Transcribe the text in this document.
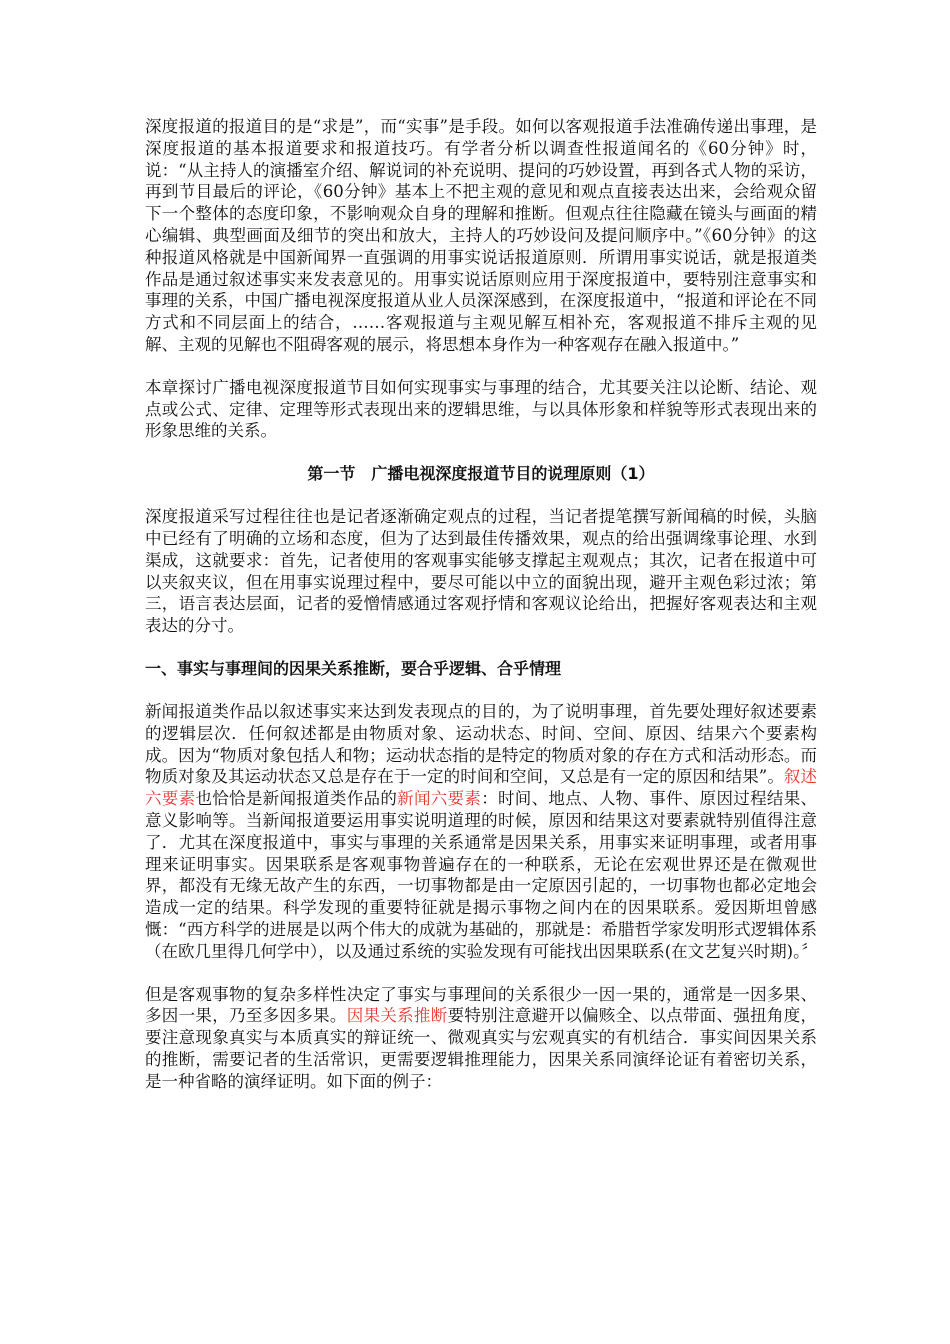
深度报道的报道目的是“求是”，而“实事”是手段。如何以客观报道手法准确传递出事理，是深度报道的基本报道要求和报道技巧。有学者分析以调查性报道闻名的《60分钟》时，说：“从主持人的演播室介绍、解说词的补充说明、提问的巧妙设置，再到各式人物的采访，再到节目最后的评论，《60分钟》基本上不把主观的意见和观点直接表达出来，会给观众留下一个整体的态度印象，不影响观众自身的理解和推断。但观点往往隐藏在镜头与画面的精心编辑、典型画面及细节的突出和放大，主持人的巧妙设问及提问顺序中。”《60分钟》的这种报道风格就是中国新闻界一直强调的用事实说话报道原则．所谓用事实说话，就是报道类作品是通过叙述事实来发表意见的。用事实说话原则应用于深度报道中，要特别注意事实和事理的关系，中国广播电视深度报道从业人员深深感到，在深度报道中，“报道和评论在不同方式和不同层面上的结合，……客观报道与主观见解互相补充，客观报道不排斥主观的见解、主观的见解也不阻碍客观的展示，将思想本身作为一种客观存在融入报道中。”

本章探讨广播电视深度报道节目如何实现事实与事理的结合，尤其要关注以论断、结论、观点或公式、定律、定理等形式表现出来的逻辑思维，与以具体形象和样貌等形式表现出来的形象思维的关系。

第一节　广播电视深度报道节目的说理原则（1）

深度报道采写过程往往也是记者逐渐确定观点的过程，当记者提笔撰写新闻稿的时候，头脑中已经有了明确的立场和态度，但为了达到最佳传播效果，观点的给出强调缘事论理、水到渠成，这就要求：首先，记者使用的客观事实能够支撑起主观观点；其次，记者在报道中可以夹叙夹议，但在用事实说理过程中，要尽可能以中立的面貌出现，避开主观色彩过浓；第三，语言表达层面，记者的爱憎情感通过客观抒情和客观议论给出，把握好客观表达和主观表达的分寸。

一、事实与事理间的因果关系推断，要合乎逻辑、合乎情理

新闻报道类作品以叙述事实来达到发表现点的目的，为了说明事理，首先要处理好叙述要素的逻辑层次．任何叙述都是由物质对象、运动状态、时间、空间、原因、结果六个要素构成。因为“物质对象包括人和物；运动状态指的是特定的物质对象的存在方式和活动形态。而物质对象及其运动状态又总是存在于一定的时间和空间，又总是有一定的原因和结果”。叙述六要素也恰恰是新闻报道类作品的新闻六要素：时间、地点、人物、事件、原因过程结果、意义影响等。当新闻报道要运用事实说明道理的时候，原因和结果这对要素就特别值得注意了．尤其在深度报道中，事实与事理的关系通常是因果关系，用事实来证明事理，或者用事理来证明事实。因果联系是客观事物普遍存在的一种联系，无论在宏观世界还是在微观世界，都没有无缘无故产生的东西，一切事物都是由一定原因引起的，一切事物也都必定地会造成一定的结果。科学发现的重要特征就是揭示事物之间内在的因果联系。爱因斯坦曾感慨：“西方科学的进展是以两个伟大的成就为基础的，那就是：希腊哲学家发明形式逻辑体系（在欧几里得几何学中），以及通过系统的实验发现有可能找出因果联系(在文艺复兴时期)。〞

但是客观事物的复杂多样性决定了事实与事理间的关系很少一因一果的，通常是一因多果、多因一果，乃至多因多果。因果关系推断要特别注意避开以偏赅全、以点带面、强扭角度，要注意现象真实与本质真实的辩证统一、微观真实与宏观真实的有机结合．事实间因果关系的推断，需要记者的生活常识，更需要逻辑推理能力，因果关系同演绎论证有着密切关系，是一种省略的演绎证明。如下面的例子：
